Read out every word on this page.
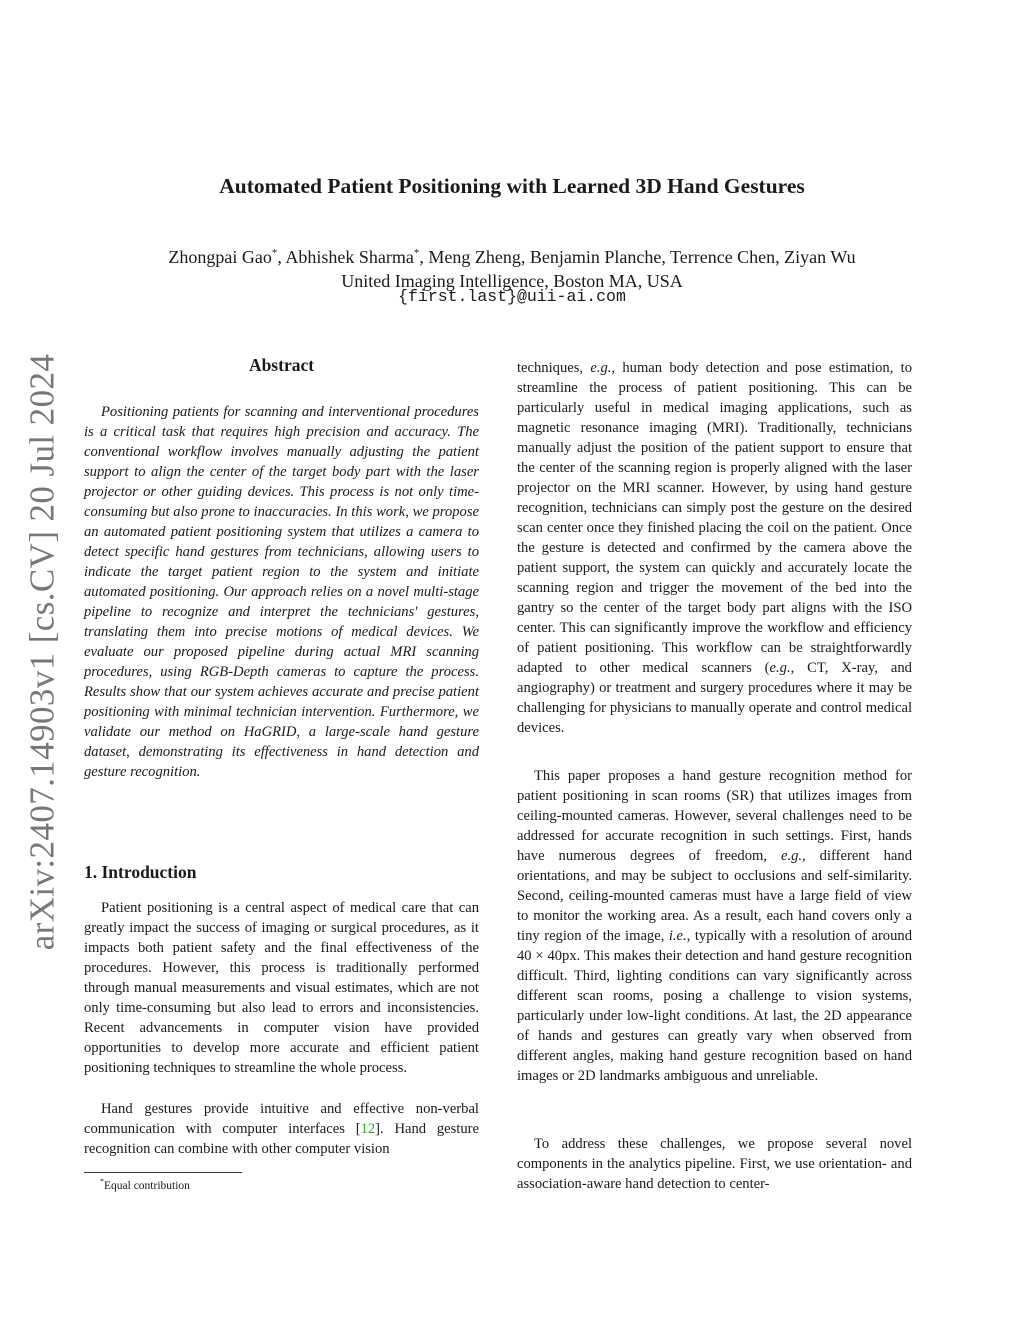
arXiv:2407.14903v1 [cs.CV] 20 Jul 2024
Automated Patient Positioning with Learned 3D Hand Gestures
Zhongpai Gao*, Abhishek Sharma*, Meng Zheng, Benjamin Planche, Terrence Chen, Ziyan Wu
United Imaging Intelligence, Boston MA, USA
{first.last}@uii-ai.com
Abstract

Positioning patients for scanning and interventional procedures is a critical task that requires high precision and accuracy. The conventional workflow involves manually adjusting the patient support to align the center of the target body part with the laser projector or other guiding devices. This process is not only time-consuming but also prone to inaccuracies. In this work, we propose an automated patient positioning system that utilizes a camera to detect specific hand gestures from technicians, allowing users to indicate the target patient region to the system and initiate automated positioning. Our approach relies on a novel multi-stage pipeline to recognize and interpret the technicians' gestures, translating them into precise motions of medical devices. We evaluate our proposed pipeline during actual MRI scanning procedures, using RGB-Depth cameras to capture the process. Results show that our system achieves accurate and precise patient positioning with minimal technician intervention. Furthermore, we validate our method on HaGRID, a large-scale hand gesture dataset, demonstrating its effectiveness in hand detection and gesture recognition.

1. Introduction

Patient positioning is a central aspect of medical care that can greatly impact the success of imaging or surgical procedures, as it impacts both patient safety and the final effectiveness of the procedures. However, this process is traditionally performed through manual measurements and visual estimates, which are not only time-consuming but also lead to errors and inconsistencies. Recent advancements in computer vision have provided opportunities to develop more accurate and efficient patient positioning techniques to streamline the whole process.

Hand gestures provide intuitive and effective non-verbal communication with computer interfaces [12]. Hand gesture recognition can combine with other computer vision

techniques, e.g., human body detection and pose estimation, to streamline the process of patient positioning. This can be particularly useful in medical imaging applications, such as magnetic resonance imaging (MRI). Traditionally, technicians manually adjust the position of the patient support to ensure that the center of the scanning region is properly aligned with the laser projector on the MRI scanner. However, by using hand gesture recognition, technicians can simply post the gesture on the desired scan center once they finished placing the coil on the patient. Once the gesture is detected and confirmed by the camera above the patient support, the system can quickly and accurately locate the scanning region and trigger the movement of the bed into the gantry so the center of the target body part aligns with the ISO center. This can significantly improve the workflow and efficiency of patient positioning. This workflow can be straightforwardly adapted to other medical scanners (e.g., CT, X-ray, and angiography) or treatment and surgery procedures where it may be challenging for physicians to manually operate and control medical devices.

This paper proposes a hand gesture recognition method for patient positioning in scan rooms (SR) that utilizes images from ceiling-mounted cameras. However, several challenges need to be addressed for accurate recognition in such settings. First, hands have numerous degrees of freedom, e.g., different hand orientations, and may be subject to occlusions and self-similarity. Second, ceiling-mounted cameras must have a large field of view to monitor the working area. As a result, each hand covers only a tiny region of the image, i.e., typically with a resolution of around 40 × 40px. This makes their detection and hand gesture recognition difficult. Third, lighting conditions can vary significantly across different scan rooms, posing a challenge to vision systems, particularly under low-light conditions. At last, the 2D appearance of hands and gestures can greatly vary when observed from different angles, making hand gesture recognition based on hand images or 2D landmarks ambiguous and unreliable.

To address these challenges, we propose several novel components in the analytics pipeline. First, we use orientation- and association-aware hand detection to center-

*Equal contribution
